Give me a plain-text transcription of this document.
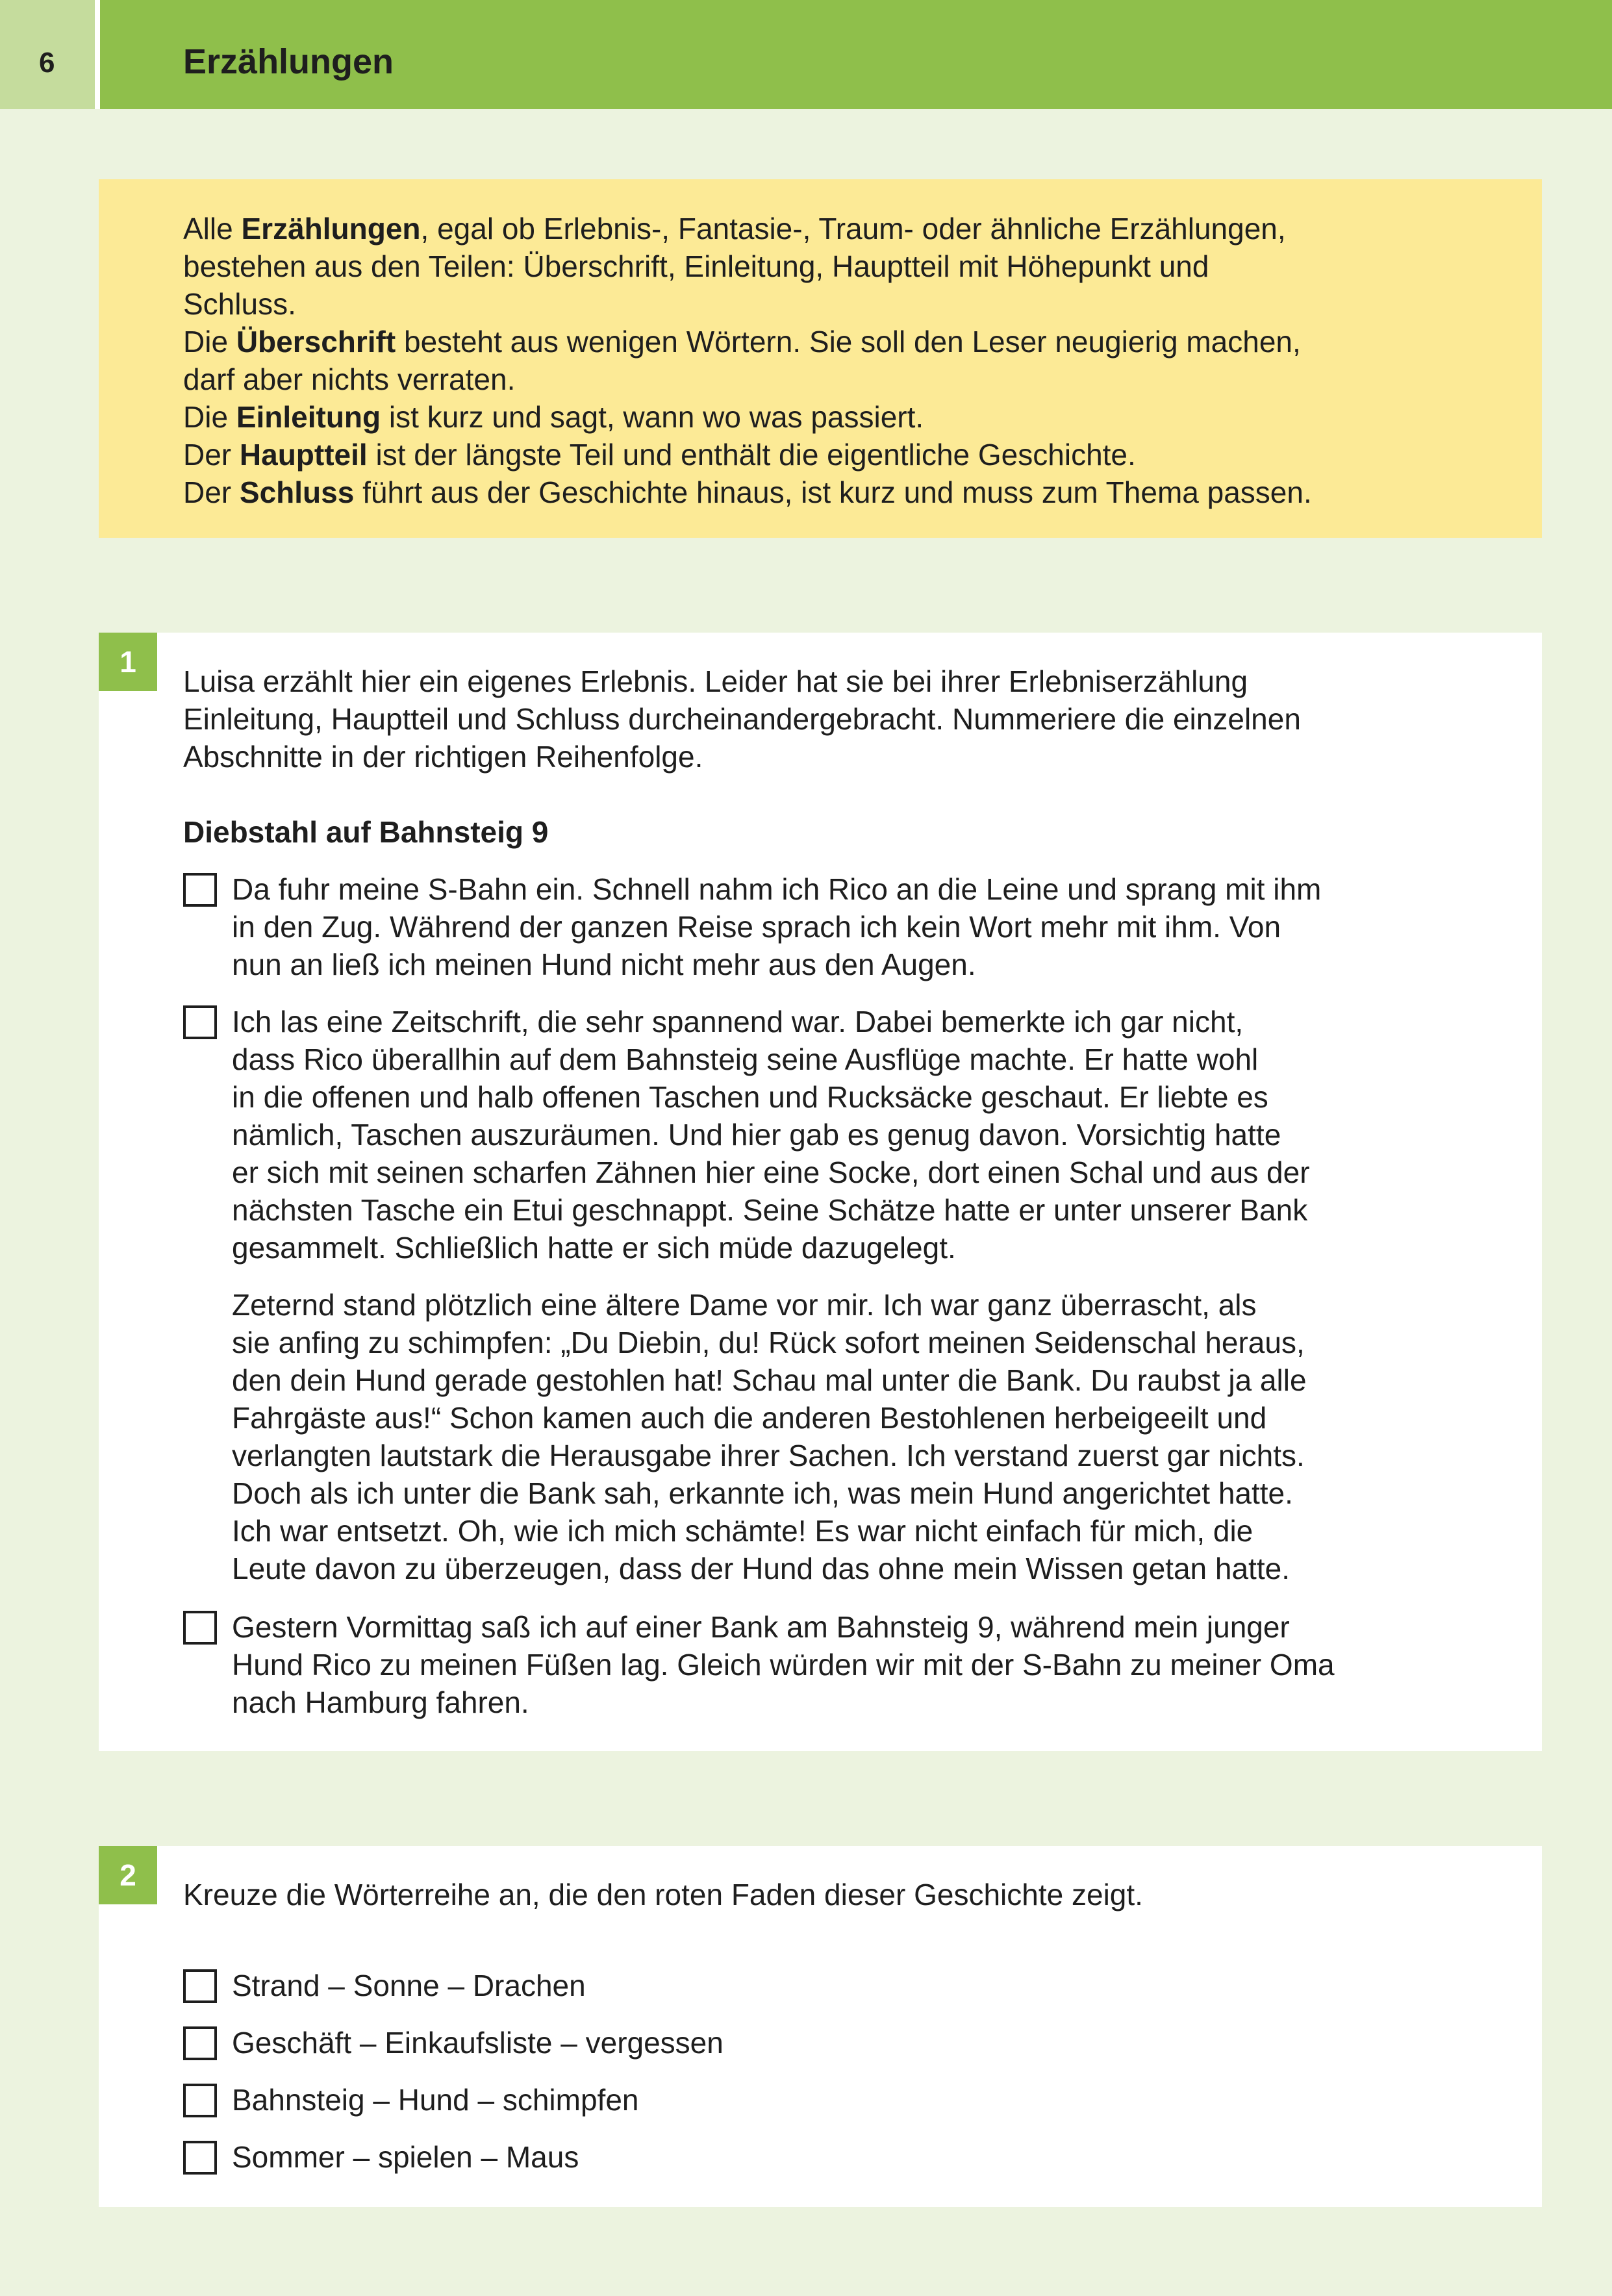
6	Erzählungen
Alle Erzählungen, egal ob Erlebnis-, Fantasie-, Traum- oder ähnliche Erzählungen,
bestehen aus den Teilen: Überschrift, Einleitung, Hauptteil mit Höhepunkt und
Schluss.
Die Überschrift besteht aus wenigen Wörtern. Sie soll den Leser neugierig machen,
darf aber nichts verraten.
Die Einleitung ist kurz und sagt, wann wo was passiert.
Der Hauptteil ist der längste Teil und enthält die eigentliche Geschichte.
Der Schluss führt aus der Geschichte hinaus, ist kurz und muss zum Thema passen.
1
Luisa erzählt hier ein eigenes Erlebnis. Leider hat sie bei ihrer Erlebniserzählung
Einleitung, Hauptteil und Schluss durcheinandergebracht. Nummeriere die einzelnen
Abschnitte in der richtigen Reihenfolge.
Diebstahl auf Bahnsteig 9
Da fuhr meine S-Bahn ein. Schnell nahm ich Rico an die Leine und sprang mit ihm
in den Zug. Während der ganzen Reise sprach ich kein Wort mehr mit ihm. Von
nun an ließ ich meinen Hund nicht mehr aus den Augen.
Ich las eine Zeitschrift, die sehr spannend war. Dabei bemerkte ich gar nicht,
dass Rico überallhin auf dem Bahnsteig seine Ausflüge machte. Er hatte wohl
in die offenen und halb offenen Taschen und Rucksäcke geschaut. Er liebte es
nämlich, Taschen auszuräumen. Und hier gab es genug davon. Vorsichtig hatte
er sich mit seinen scharfen Zähnen hier eine Socke, dort einen Schal und aus der
nächsten Tasche ein Etui geschnappt. Seine Schätze hatte er unter unserer Bank
gesammelt. Schließlich hatte er sich müde dazugelegt.
Zeternd stand plötzlich eine ältere Dame vor mir. Ich war ganz überrascht, als
sie anfing zu schimpfen: „Du Diebin, du! Rück sofort meinen Seidenschal heraus,
den dein Hund gerade gestohlen hat! Schau mal unter die Bank. Du raubst ja alle
Fahrgäste aus!“ Schon kamen auch die anderen Bestohlenen herbeigeeilt und
verlangten lautstark die Herausgabe ihrer Sachen. Ich verstand zuerst gar nichts.
Doch als ich unter die Bank sah, erkannte ich, was mein Hund angerichtet hatte.
Ich war entsetzt. Oh, wie ich mich schämte! Es war nicht einfach für mich, die
Leute davon zu überzeugen, dass der Hund das ohne mein Wissen getan hatte.
Gestern Vormittag saß ich auf einer Bank am Bahnsteig 9, während mein junger
Hund Rico zu meinen Füßen lag. Gleich würden wir mit der S-Bahn zu meiner Oma
nach Hamburg fahren.
2
Kreuze die Wörterreihe an, die den roten Faden dieser Geschichte zeigt.
Strand – Sonne – Drachen
Geschäft – Einkaufsliste – vergessen
Bahnsteig – Hund – schimpfen
Sommer – spielen – Maus
